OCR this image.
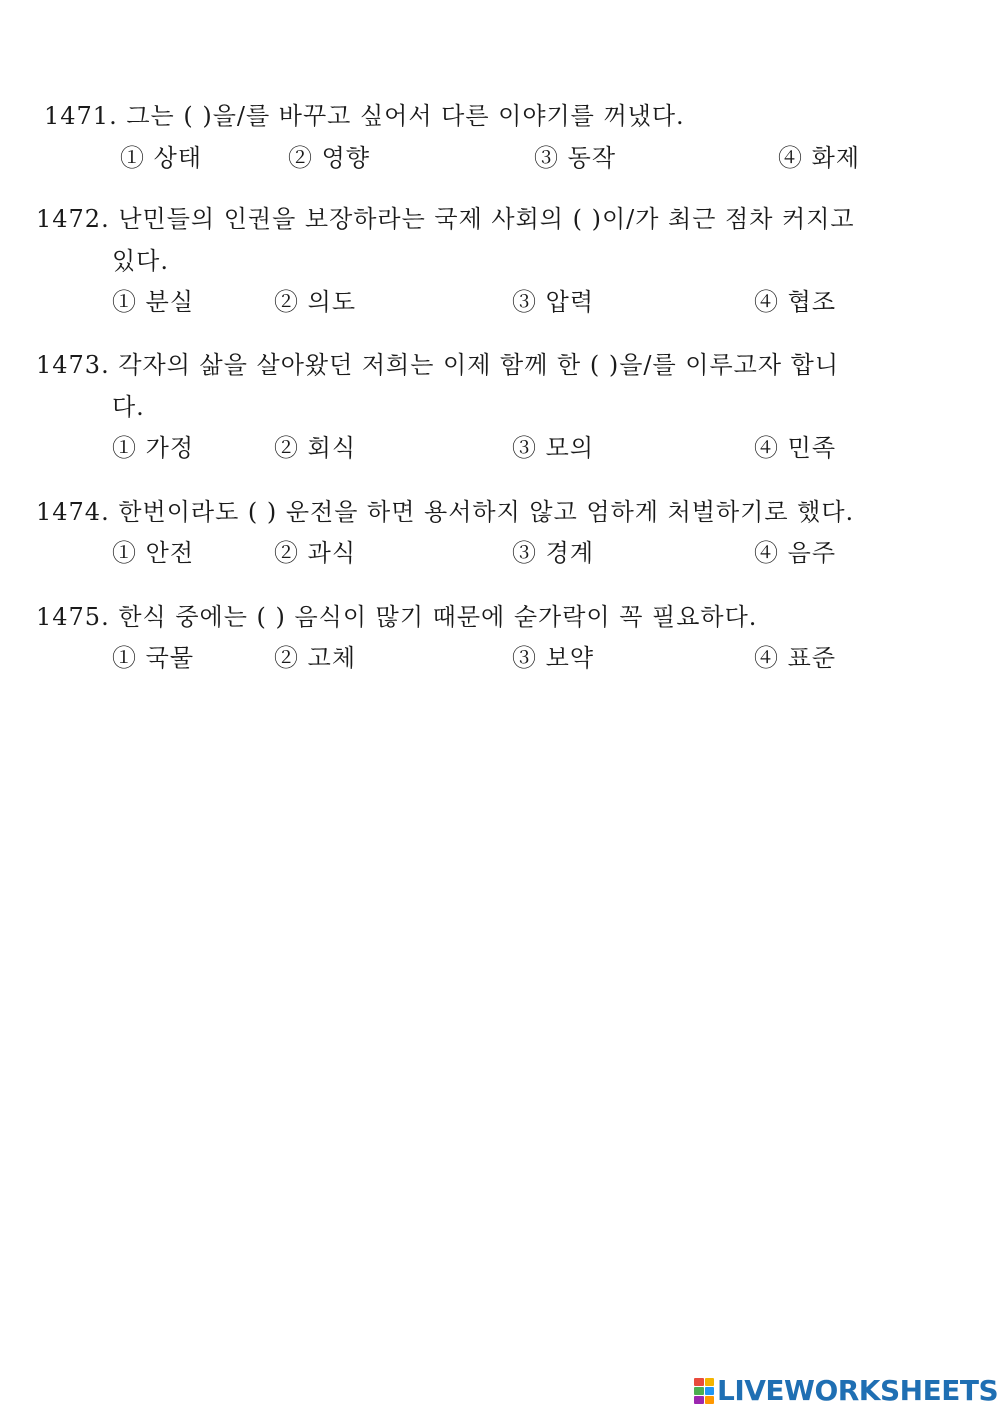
1471. 그는 ( )을/를 바꾸고 싶어서 다른 이야기를 꺼냈다.
① 상태	② 영향	③ 동작	④ 화제
1472. 난민들의 인권을 보장하라는 국제 사회의 ( )이/가 최근 점차 커지고
있다.
① 분실	② 의도	③ 압력	④ 협조
1473. 각자의 삶을 살아왔던 저희는 이제 함께 한 ( )을/를 이루고자 합니
다.
① 가정	② 회식	③ 모의	④ 민족
1474. 한번이라도 ( ) 운전을 하면 용서하지 않고 엄하게 처벌하기로 했다.
① 안전	② 과식	③ 경계	④ 음주
1475. 한식 중에는 ( ) 음식이 많기 때문에 숟가락이 꼭 필요하다.
① 국물	② 고체	③ 보약	④ 표준
LIVEWORKSHEETS
